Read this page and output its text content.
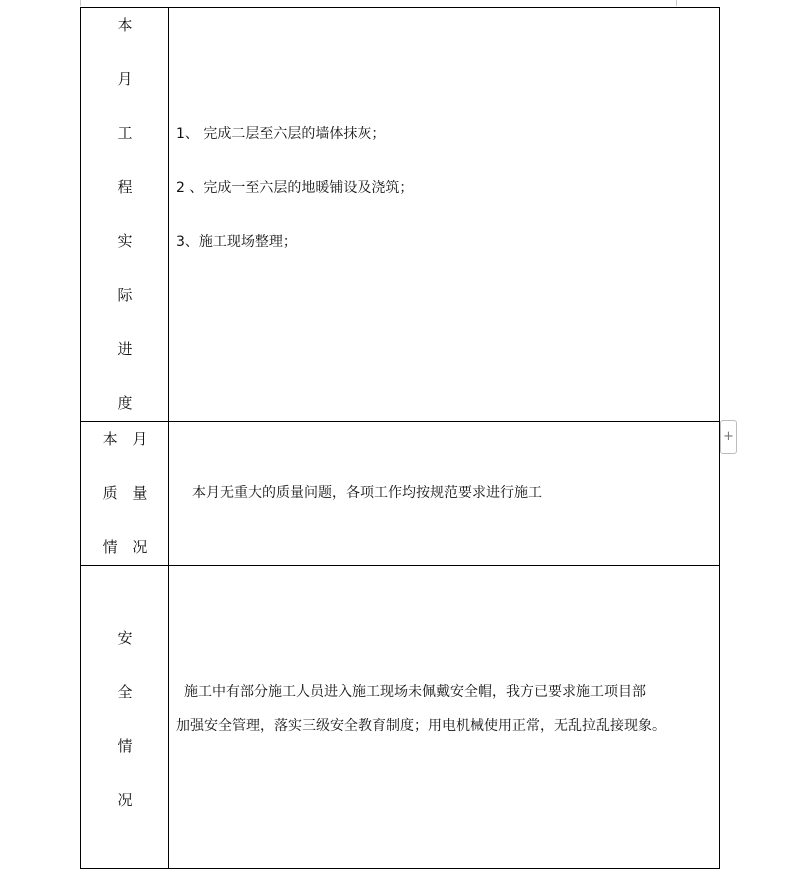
本
月
工
程
实
际
进
度
1、 完成二层至六层的墙体抹灰；
2 、完成一至六层的地暖铺设及浇筑；
3、施工现场整理；
本 月
质 量
情 况
本月无重大的质量问题，各项工作均按规范要求进行施工
安
全
情
况
施工中有部分施工人员进入施工现场未佩戴安全帽，我方已要求施工项目部
加强安全管理，落实三级安全教育制度；用电机械使用正常，无乱拉乱接现象。
+
